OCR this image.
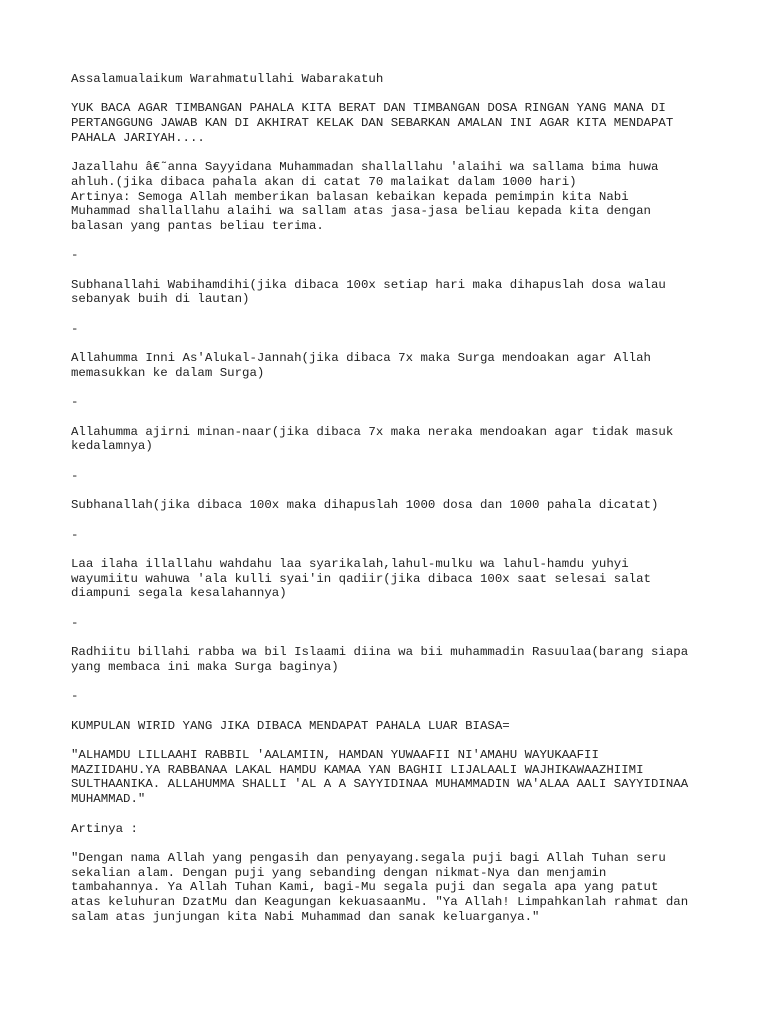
Assalamualaikum Warahmatullahi Wabarakatuh

YUK BACA AGAR TIMBANGAN PAHALA KITA BERAT DAN TIMBANGAN DOSA RINGAN YANG MANA DI
PERTANGGUNG JAWAB KAN DI AKHIRAT KELAK DAN SEBARKAN AMALAN INI AGAR KITA MENDAPAT
PAHALA JARIYAH....

Jazallahu â€˜anna Sayyidana Muhammadan shallallahu 'alaihi wa sallama bima huwa
ahluh.(jika dibaca pahala akan di catat 70 malaikat dalam 1000 hari)
Artinya: Semoga Allah memberikan balasan kebaikan kepada pemimpin kita Nabi
Muhammad shallallahu alaihi wa sallam atas jasa-jasa beliau kepada kita dengan
balasan yang pantas beliau terima.

-

Subhanallahi Wabihamdihi(jika dibaca 100x setiap hari maka dihapuslah dosa walau
sebanyak buih di lautan)

-

Allahumma Inni As'Alukal-Jannah(jika dibaca 7x maka Surga mendoakan agar Allah
memasukkan ke dalam Surga)

-

Allahumma ajirni minan-naar(jika dibaca 7x maka neraka mendoakan agar tidak masuk
kedalamnya)

-

Subhanallah(jika dibaca 100x maka dihapuslah 1000 dosa dan 1000 pahala dicatat)

-

Laa ilaha illallahu wahdahu laa syarikalah,lahul-mulku wa lahul-hamdu yuhyi
wayumiitu wahuwa 'ala kulli syai'in qadiir(jika dibaca 100x saat selesai salat
diampuni segala kesalahannya)

-

Radhiitu billahi rabba wa bil Islaami diina wa bii muhammadin Rasuulaa(barang siapa
yang membaca ini maka Surga baginya)

-

KUMPULAN WIRID YANG JIKA DIBACA MENDAPAT PAHALA LUAR BIASA=

"ALHAMDU LILLAAHI RABBIL 'AALAMIIN, HAMDAN YUWAAFII NI'AMAHU WAYUKAAFII
MAZIIDAHU.YA RABBANAA LAKAL HAMDU KAMAA YAN BAGHII LIJALAALI WAJHIKAWAAZHIIMI
SULTHAANIKA. ALLAHUMMA SHALLI 'AL A A SAYYIDINAA MUHAMMADIN WA'ALAA AALI SAYYIDINAA
MUHAMMAD."

Artinya :

"Dengan nama Allah yang pengasih dan penyayang.segala puji bagi Allah Tuhan seru
sekalian alam. Dengan puji yang sebanding dengan nikmat-Nya dan menjamin
tambahannya. Ya Allah Tuhan Kami, bagi-Mu segala puji dan segala apa yang patut
atas keluhuran DzatMu dan Keagungan kekuasaanMu. "Ya Allah! Limpahkanlah rahmat dan
salam atas junjungan kita Nabi Muhammad dan sanak keluarganya."
